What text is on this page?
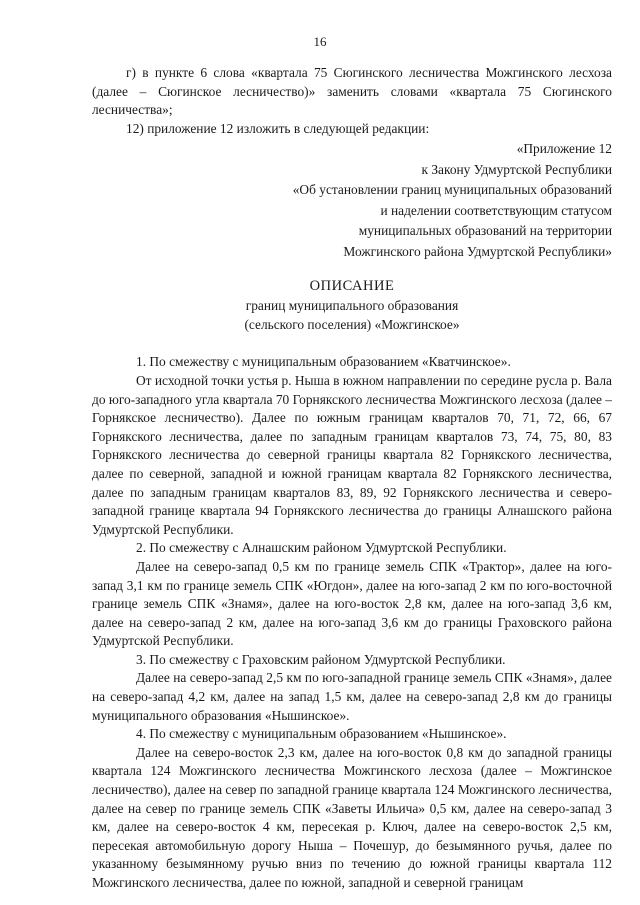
16

г) в пункте 6 слова «квартала 75 Сюгинского лесничества Можгинского лесхоза (далее – Сюгинское лесничество)» заменить словами «квартала 75 Сюгинского лесничества»;

12) приложение 12 изложить в следующей редакции:

«Приложение 12
к Закону Удмуртской Республики
«Об установлении границ муниципальных образований
и наделении соответствующим статусом
муниципальных образований на территории
Можгинского района Удмуртской Республики»
ОПИСАНИЕ
границ муниципального образования
(сельского поселения) «Можгинское»

1. По смежеству с муниципальным образованием «Кватчинское».

От исходной точки устья р. Ныша в южном направлении по середине русла р. Вала до юго-западного угла квартала 70 Горнякского лесничества Можгинского лесхоза (далее – Горнякское лесничество). Далее по южным границам кварталов 70, 71, 72, 66, 67 Горнякского лесничества, далее по западным границам кварталов 73, 74, 75, 80, 83 Горнякского лесничества до северной границы квартала 82 Горнякского лесничества, далее по северной, западной и южной границам квартала 82 Горнякского лесничества, далее по западным границам кварталов 83, 89, 92 Горнякского лесничества и северо-западной границе квартала 94 Горнякского лесничества до границы Алнашского района Удмуртской Республики.

2. По смежеству с Алнашским районом Удмуртской Республики.

Далее на северо-запад 0,5 км по границе земель СПК «Трактор», далее на юго-запад 3,1 км по границе земель СПК «Югдон», далее на юго-запад 2 км по юго-восточной границе земель СПК «Знамя», далее на юго-восток 2,8 км, далее на юго-запад 3,6 км, далее на северо-запад 2 км, далее на юго-запад 3,6 км до границы Граховского района Удмуртской Республики.

3. По смежеству с Граховским районом Удмуртской Республики.

Далее на северо-запад 2,5 км по юго-западной границе земель СПК «Знамя», далее на северо-запад 4,2 км, далее на запад 1,5 км, далее на северо-запад 2,8 км до границы муниципального образования «Нышинское».

4. По смежеству с муниципальным образованием «Нышинское».

Далее на северо-восток 2,3 км, далее на юго-восток 0,8 км до западной границы квартала 124 Можгинского лесничества Можгинского лесхоза (далее – Можгинское лесничество), далее на север по западной границе квартала 124 Можгинского лесничества, далее на север по границе земель СПК «Заветы Ильича» 0,5 км, далее на северо-запад 3 км, далее на северо-восток 4 км, пересекая р. Ключ, далее на северо-восток 2,5 км, пересекая автомобильную дорогу Ныша – Почешур, до безымянного ручья, далее по указанному безымянному ручью вниз по течению до южной границы квартала 112 Можгинского лесничества, далее по южной, западной и северной границам
